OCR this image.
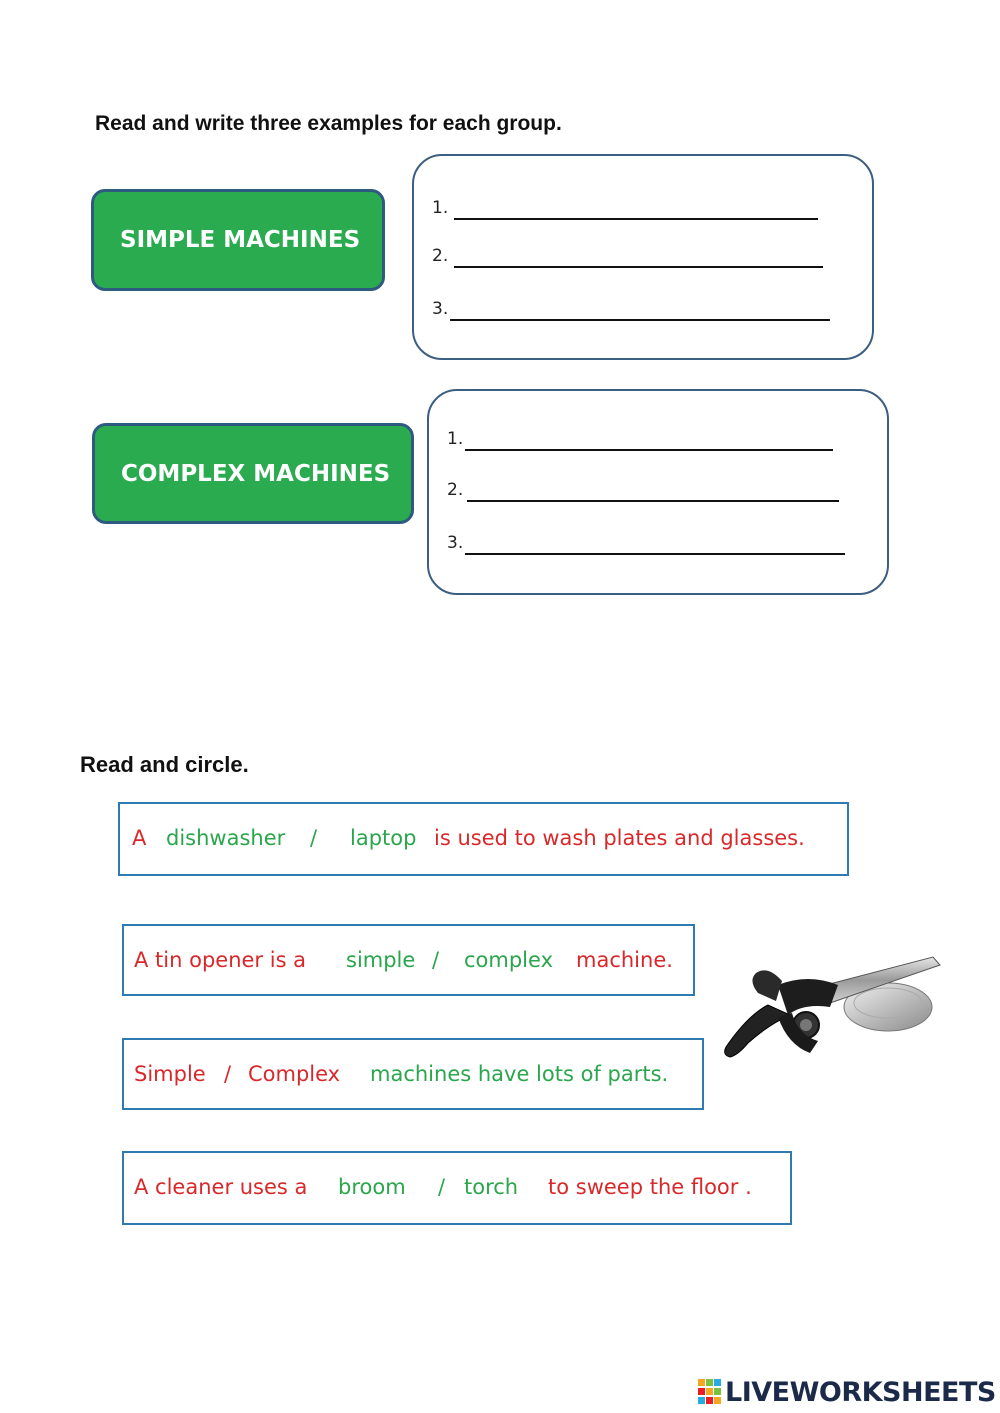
Read and write three examples for each group.
SIMPLE MACHINES
1.
2.
3.
COMPLEX MACHINES
1.
2.
3.
Read and circle.
A dishwasher / laptop is used to wash plates and glasses.
A tin opener is a simple / complex machine.
Simple / Complex machines have lots of parts.
A cleaner uses a broom / torch to sweep the floor .
LIVEWORKSHEETS
